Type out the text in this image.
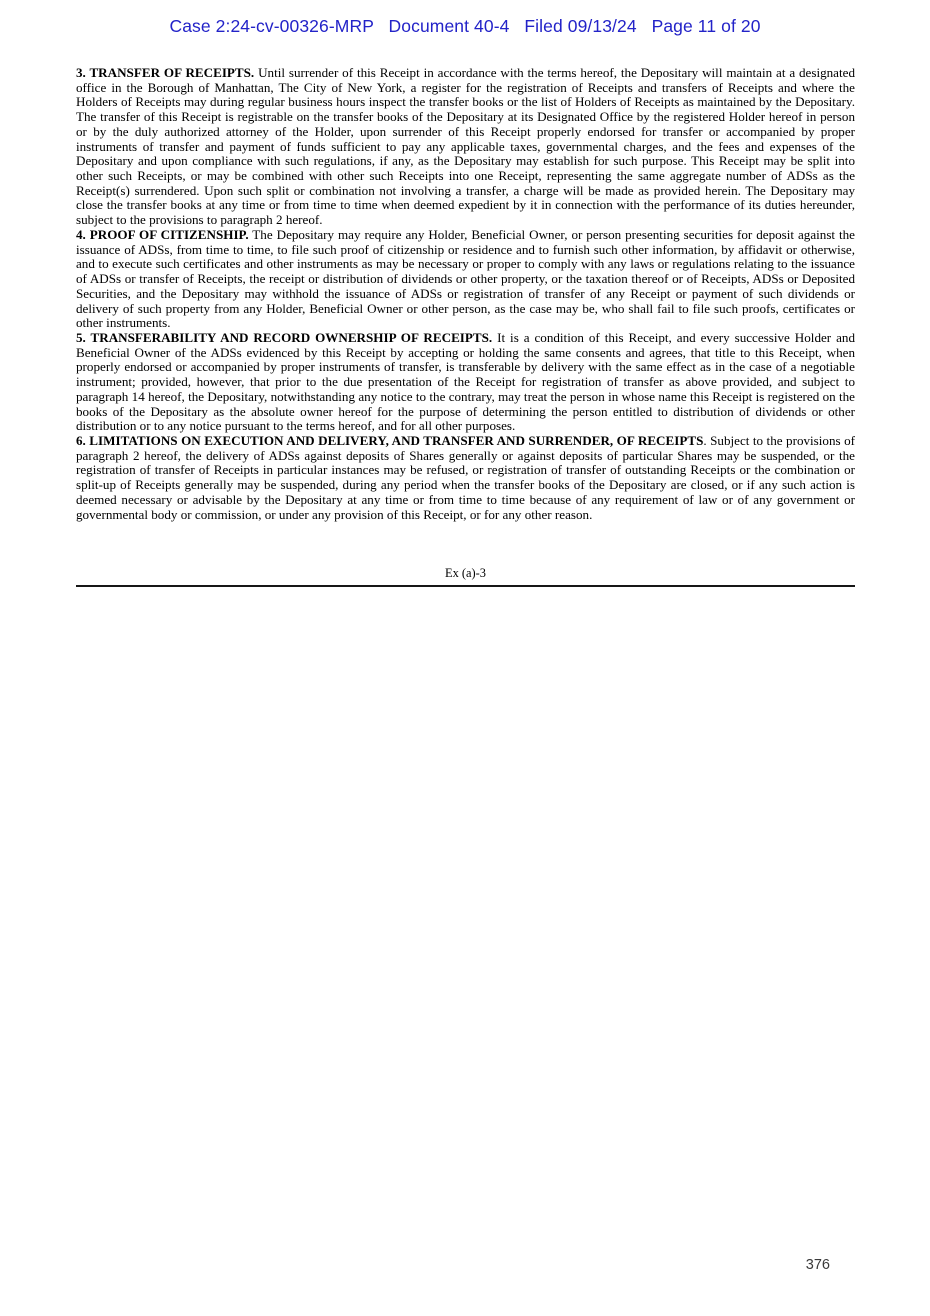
Case 2:24-cv-00326-MRP   Document 40-4   Filed 09/13/24   Page 11 of 20

3. TRANSFER OF RECEIPTS. Until surrender of this Receipt in accordance with the terms hereof, the Depositary will maintain at a designated office in the Borough of Manhattan, The City of New York, a register for the registration of Receipts and transfers of Receipts and where the Holders of Receipts may during regular business hours inspect the transfer books or the list of Holders of Receipts as maintained by the Depositary. The transfer of this Receipt is registrable on the transfer books of the Depositary at its Designated Office by the registered Holder hereof in person or by the duly authorized attorney of the Holder, upon surrender of this Receipt properly endorsed for transfer or accompanied by proper instruments of transfer and payment of funds sufficient to pay any applicable taxes, governmental charges, and the fees and expenses of the Depositary and upon compliance with such regulations, if any, as the Depositary may establish for such purpose. This Receipt may be split into other such Receipts, or may be combined with other such Receipts into one Receipt, representing the same aggregate number of ADSs as the Receipt(s) surrendered. Upon such split or combination not involving a transfer, a charge will be made as provided herein. The Depositary may close the transfer books at any time or from time to time when deemed expedient by it in connection with the performance of its duties hereunder, subject to the provisions to paragraph 2 hereof.

4. PROOF OF CITIZENSHIP. The Depositary may require any Holder, Beneficial Owner, or person presenting securities for deposit against the issuance of ADSs, from time to time, to file such proof of citizenship or residence and to furnish such other information, by affidavit or otherwise, and to execute such certificates and other instruments as may be necessary or proper to comply with any laws or regulations relating to the issuance of ADSs or transfer of Receipts, the receipt or distribution of dividends or other property, or the taxation thereof or of Receipts, ADSs or Deposited Securities, and the Depositary may withhold the issuance of ADSs or registration of transfer of any Receipt or payment of such dividends or delivery of such property from any Holder, Beneficial Owner or other person, as the case may be, who shall fail to file such proofs, certificates or other instruments.

5. TRANSFERABILITY AND RECORD OWNERSHIP OF RECEIPTS. It is a condition of this Receipt, and every successive Holder and Beneficial Owner of the ADSs evidenced by this Receipt by accepting or holding the same consents and agrees, that title to this Receipt, when properly endorsed or accompanied by proper instruments of transfer, is transferable by delivery with the same effect as in the case of a negotiable instrument; provided, however, that prior to the due presentation of the Receipt for registration of transfer as above provided, and subject to paragraph 14 hereof, the Depositary, notwithstanding any notice to the contrary, may treat the person in whose name this Receipt is registered on the books of the Depositary as the absolute owner hereof for the purpose of determining the person entitled to distribution of dividends or other distribution or to any notice pursuant to the terms hereof, and for all other purposes.

6. LIMITATIONS ON EXECUTION AND DELIVERY, AND TRANSFER AND SURRENDER, OF RECEIPTS. Subject to the provisions of paragraph 2 hereof, the delivery of ADSs against deposits of Shares generally or against deposits of particular Shares may be suspended, or the registration of transfer of Receipts in particular instances may be refused, or registration of transfer of outstanding Receipts or the combination or split-up of Receipts generally may be suspended, during any period when the transfer books of the Depositary are closed, or if any such action is deemed necessary or advisable by the Depositary at any time or from time to time because of any requirement of law or of any government or governmental body or commission, or under any provision of this Receipt, or for any other reason.

Ex (a)-3
376
